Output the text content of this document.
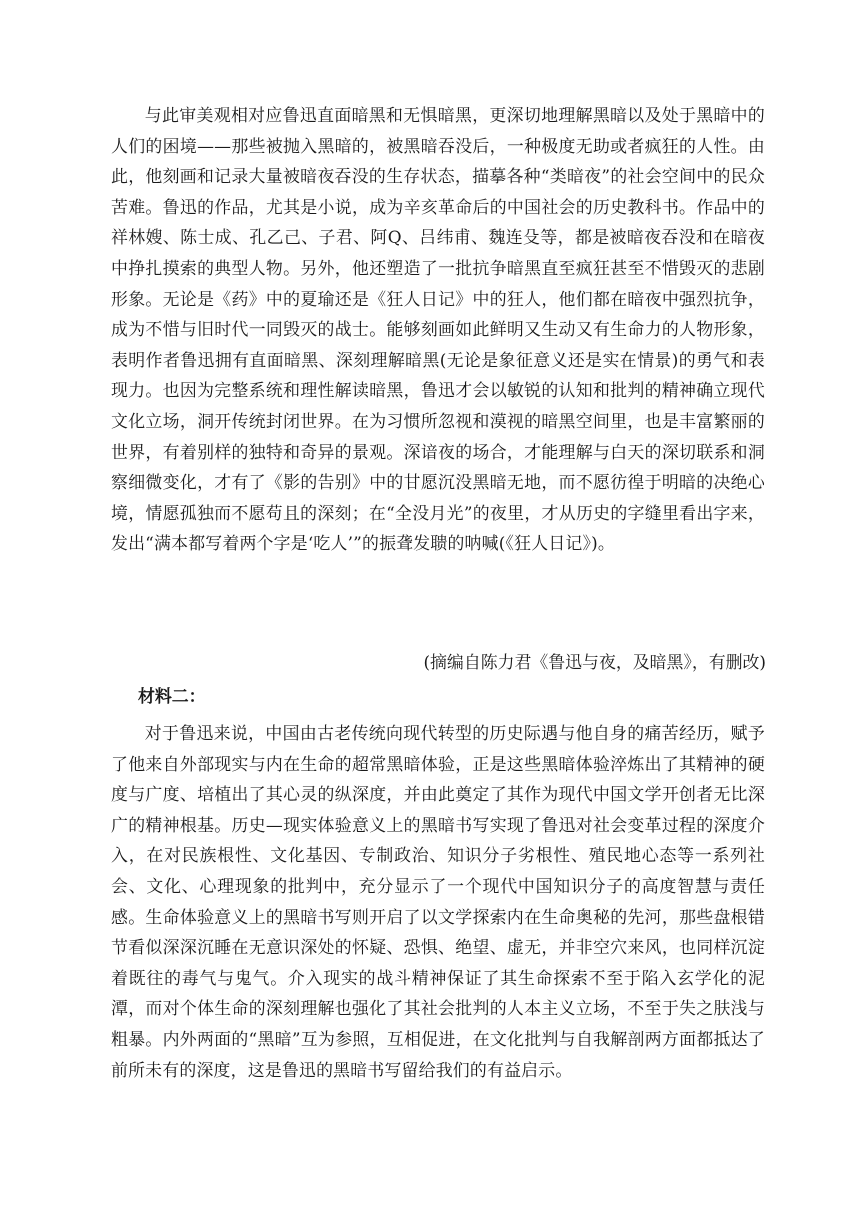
与此审美观相对应鲁迅直面暗黑和无惧暗黑，更深切地理解黑暗以及处于黑暗中的人们的困境——那些被抛入黑暗的，被黑暗吞没后，一种极度无助或者疯狂的人性。由此，他刻画和记录大量被暗夜吞没的生存状态，描摹各种“类暗夜”的社会空间中的民众苦难。鲁迅的作品，尤其是小说，成为辛亥革命后的中国社会的历史教科书。作品中的祥林嫂、陈士成、孔乙己、子君、阿Q、吕纬甫、魏连殳等，都是被暗夜吞没和在暗夜中挣扎摸索的典型人物。另外，他还塑造了一批抗争暗黑直至疯狂甚至不惜毁灭的悲剧形象。无论是《药》中的夏瑜还是《狂人日记》中的狂人，他们都在暗夜中强烈抗争，成为不惜与旧时代一同毁灭的战士。能够刻画如此鲜明又生动又有生命力的人物形象，表明作者鲁迅拥有直面暗黑、深刻理解暗黑(无论是象征意义还是实在情景)的勇气和表现力。也因为完整系统和理性解读暗黑，鲁迅才会以敏锐的认知和批判的精神确立现代文化立场，洞开传统封闭世界。在为习惯所忽视和漠视的暗黑空间里，也是丰富繁丽的世界，有着别样的独特和奇异的景观。深谙夜的场合，才能理解与白天的深切联系和洞察细微变化，才有了《影的告别》中的甘愿沉没黑暗无地，而不愿彷徨于明暗的决绝心境，情愿孤独而不愿苟且的深刻；在“全没月光”的夜里，才从历史的字缝里看出字来，发出“满本都写着两个字是‘吃人’”的振聋发聩的呐喊(《狂人日记》)。

(摘编自陈力君《鲁迅与夜，及暗黑》，有删改)
材料二：

对于鲁迅来说，中国由古老传统向现代转型的历史际遇与他自身的痛苦经历，赋予了他来自外部现实与内在生命的超常黑暗体验，正是这些黑暗体验淬炼出了其精神的硬度与广度、培植出了其心灵的纵深度，并由此奠定了其作为现代中国文学开创者无比深广的精神根基。历史—现实体验意义上的黑暗书写实现了鲁迅对社会变革过程的深度介入，在对民族根性、文化基因、专制政治、知识分子劣根性、殖民地心态等一系列社会、文化、心理现象的批判中，充分显示了一个现代中国知识分子的高度智慧与责任感。生命体验意义上的黑暗书写则开启了以文学探索内在生命奥秘的先河，那些盘根错节看似深深沉睡在无意识深处的怀疑、恐惧、绝望、虚无，并非空穴来风，也同样沉淀着既往的毒气与鬼气。介入现实的战斗精神保证了其生命探索不至于陷入玄学化的泥潭，而对个体生命的深刻理解也强化了其社会批判的人本主义立场，不至于失之肤浅与粗暴。内外两面的“黑暗”互为参照，互相促进，在文化批判与自我解剖两方面都抵达了前所未有的深度，这是鲁迅的黑暗书写留给我们的有益启示。
